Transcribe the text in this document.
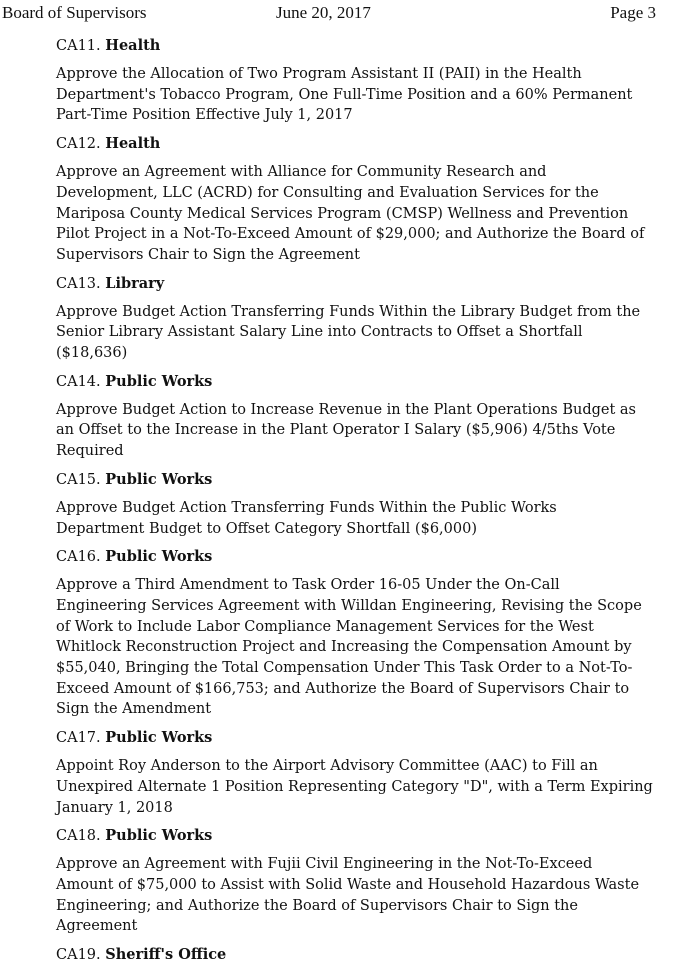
Board of Supervisors	June 20, 2017	Page 3
CA11. Health
Approve the Allocation of Two Program Assistant II (PAII) in the Health
Department's Tobacco Program, One Full-Time Position and a 60% Permanent
Part-Time Position Effective July 1, 2017
CA12. Health
Approve an Agreement with Alliance for Community Research and
Development, LLC (ACRD) for Consulting and Evaluation Services for the
Mariposa County Medical Services Program (CMSP) Wellness and Prevention
Pilot Project in a Not-To-Exceed Amount of $29,000; and Authorize the Board of
Supervisors Chair to Sign the Agreement
CA13. Library
Approve Budget Action Transferring Funds Within the Library Budget from the
Senior Library Assistant Salary Line into Contracts to Offset a Shortfall
($18,636)
CA14. Public Works
Approve Budget Action to Increase Revenue in the Plant Operations Budget as
an Offset to the Increase in the Plant Operator I Salary ($5,906) 4/5ths Vote
Required
CA15. Public Works
Approve Budget Action Transferring Funds Within the Public Works
Department Budget to Offset Category Shortfall ($6,000)
CA16. Public Works
Approve a Third Amendment to Task Order 16-05 Under the On-Call
Engineering Services Agreement with Willdan Engineering, Revising the Scope
of Work to Include Labor Compliance Management Services for the West
Whitlock Reconstruction Project and Increasing the Compensation Amount by
$55,040, Bringing the Total Compensation Under This Task Order to a Not-To-
Exceed Amount of $166,753; and Authorize the Board of Supervisors Chair to
Sign the Amendment
CA17. Public Works
Appoint Roy Anderson to the Airport Advisory Committee (AAC) to Fill an
Unexpired Alternate 1 Position Representing Category "D", with a Term Expiring
January 1, 2018
CA18. Public Works
Approve an Agreement with Fujii Civil Engineering in the Not-To-Exceed
Amount of $75,000 to Assist with Solid Waste and Household Hazardous Waste
Engineering; and Authorize the Board of Supervisors Chair to Sign the
Agreement
CA19. Sheriff's Office
